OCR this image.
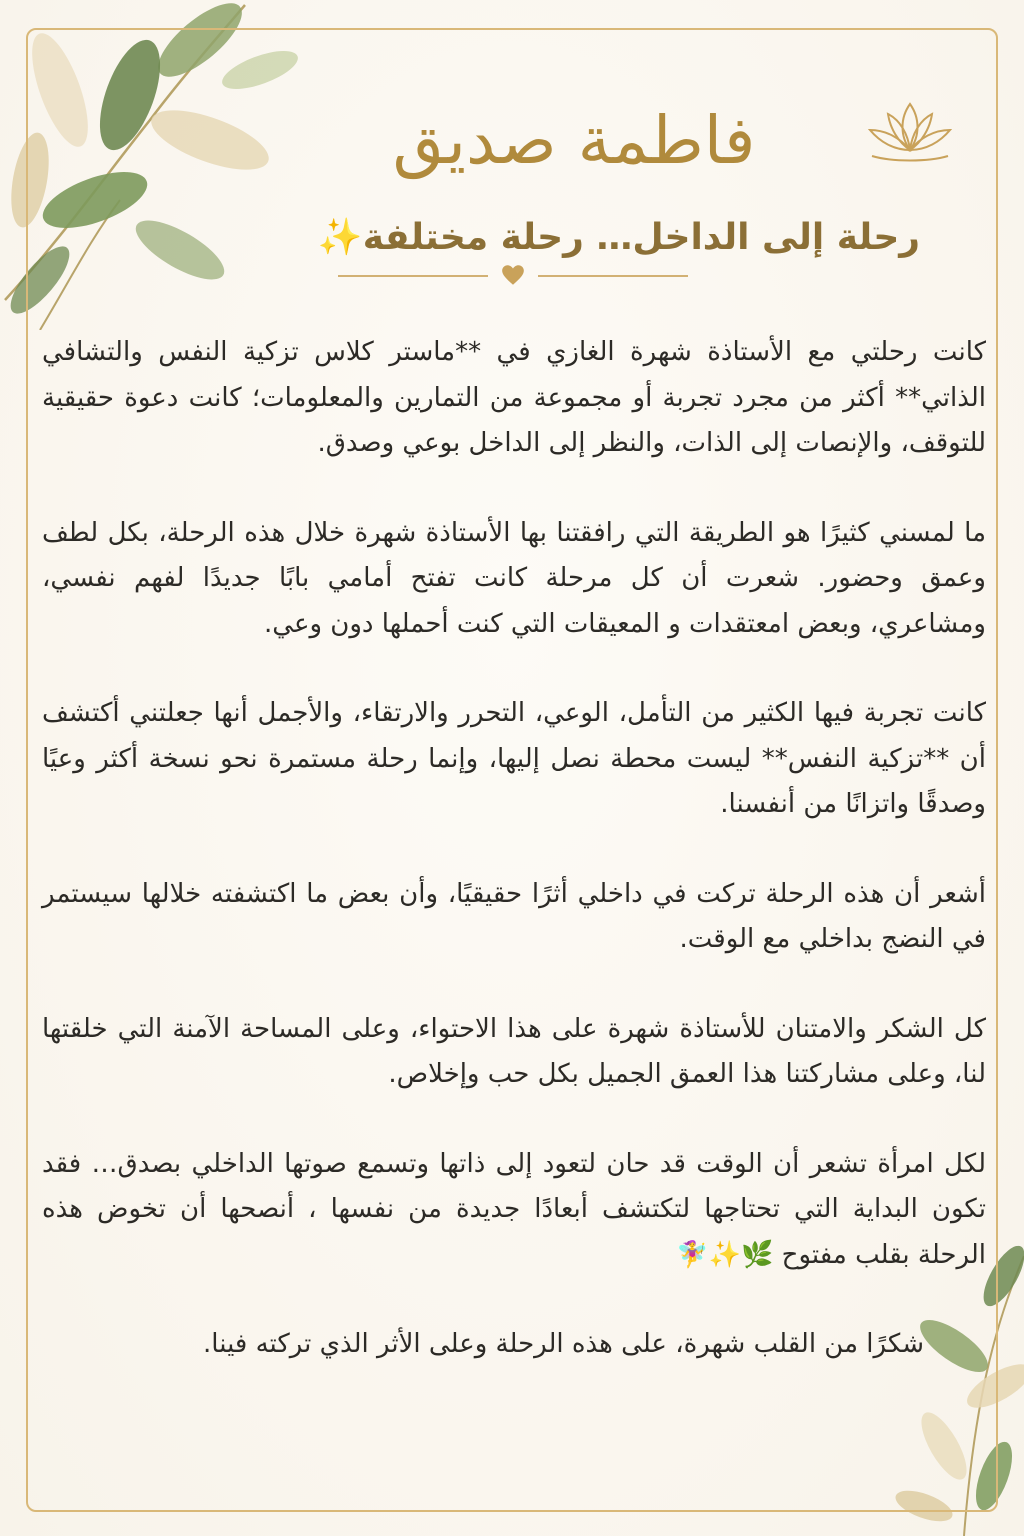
فاطمة صديق
رحلة إلى الداخل… رحلة مختلفة✨

كانت رحلتي مع الأستاذة شهرة الغازي في **ماستر كلاس تزكية النفس والتشافي الذاتي** أكثر من مجرد تجربة أو مجموعة من التمارين والمعلومات؛ كانت دعوة حقيقية للتوقف، والإنصات إلى الذات، والنظر إلى الداخل بوعي وصدق.

ما لمسني كثيرًا هو الطريقة التي رافقتنا بها الأستاذة شهرة خلال هذه الرحلة، بكل لطف وعمق وحضور. شعرت أن كل مرحلة كانت تفتح أمامي بابًا جديدًا لفهم نفسي، ومشاعري، وبعض امعتقدات و المعيقات التي كنت أحملها دون وعي.

كانت تجربة فيها الكثير من التأمل، الوعي، التحرر والارتقاء، والأجمل أنها جعلتني أكتشف أن **تزكية النفس** ليست محطة نصل إليها، وإنما رحلة مستمرة نحو نسخة أكثر وعيًا وصدقًا واتزانًا من أنفسنا.

أشعر أن هذه الرحلة تركت في داخلي أثرًا حقيقيًا، وأن بعض ما اكتشفته خلالها سيستمر في النضج بداخلي مع الوقت.

كل الشكر والامتنان للأستاذة شهرة على هذا الاحتواء، وعلى المساحة الآمنة التي خلقتها لنا، وعلى مشاركتنا هذا العمق الجميل بكل حب وإخلاص.

لكل امرأة تشعر أن الوقت قد حان لتعود إلى ذاتها وتسمع صوتها الداخلي بصدق… فقد تكون البداية التي تحتاجها لتكتشف أبعادًا جديدة من نفسها ، أنصحها أن تخوض هذه الرحلة بقلب مفتوح 🌿✨🧚‍♀️

شكرًا من القلب شهرة، على هذه الرحلة وعلى الأثر الذي تركته فينا.
